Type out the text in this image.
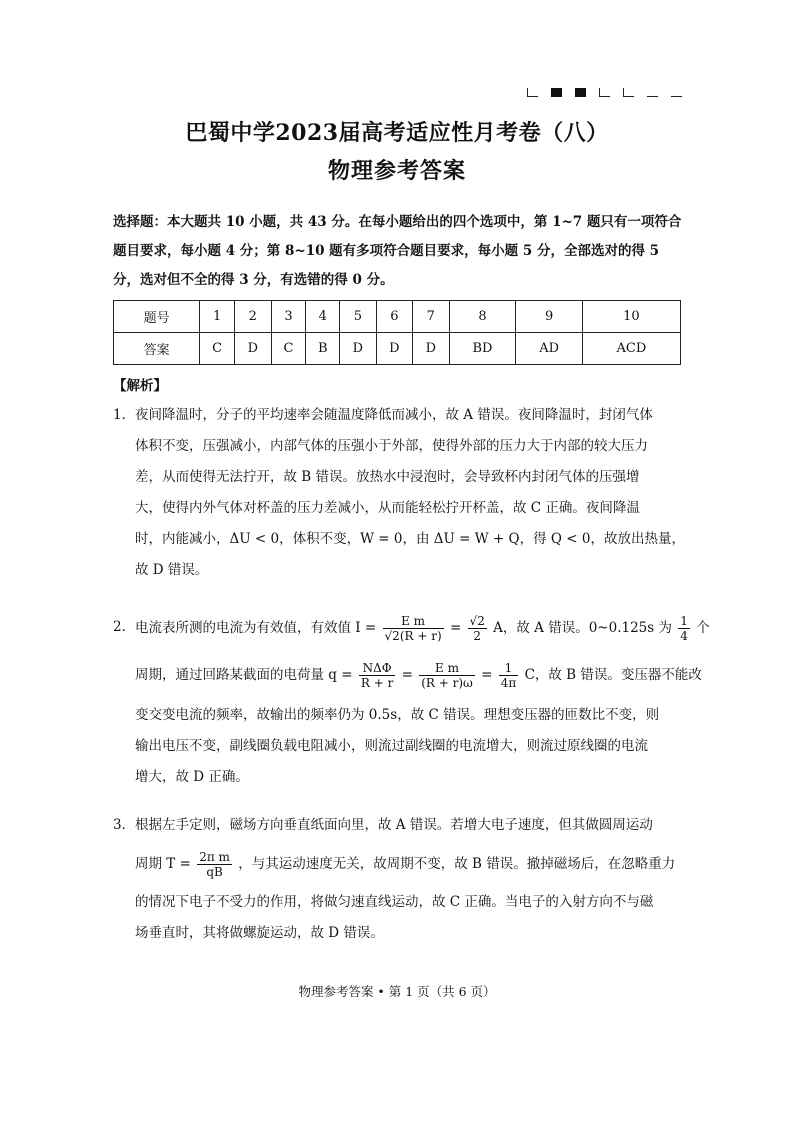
巴蜀中学2023届高考适应性月考卷（八）
物理参考答案
选择题：本大题共 10 小题，共 43 分。在每小题给出的四个选项中，第 1~7 题只有一项符合题目要求，每小题 4 分；第 8~10 题有多项符合题目要求，每小题 5 分，全部选对的得 5 分，选对但不全的得 3 分，有选错的得 0 分。
题号	1	2	3	4	5	6	7	8	9	10
答案	C	D	C	B	D	D	D	BD	AD	ACD
【解析】
1． 夜间降温时，分子的平均速率会随温度降低而减小，故 A 错误。夜间降温时，封闭气体
体积不变，压强减小，内部气体的压强小于外部，使得外部的压力大于内部的较大压力
差，从而使得无法拧开，故 B 错误。放热水中浸泡时，会导致杯内封闭气体的压强增
大，使得内外气体对杯盖的压力差减小，从而能轻松拧开杯盖，故 C 正确。夜间降温
时，内能减小，ΔU < 0，体积不变，W = 0，由 ΔU = W + Q，得 Q < 0，故放出热量，
故 D 错误。
2． 电流表所测的电流为有效值，有效值 $I = \frac{\text{E m}}{√2(R + r)} = \frac{√2}{2}$ A，故 A 错误。0~0.125s 为 $\frac{1}{4}$ 个
周期，通过回路某截面的电荷量 $q = \frac{\text{NΔΦ}}{R + r} = \frac{\text{E m}}{(R + r)\omega} = \frac{1}{4\pi}$ C，故 B 错误。变压器不能改
变交变电流的频率，故输出的频率仍为 0.5s，故 C 错误。理想变压器的匝数比不变，则
输出电压不变，副线圈负载电阻减小，则流过副线圈的电流增大，则流过原线圈的电流
增大，故 D 正确。
3． 根据左手定则，磁场方向垂直纸面向里，故 A 错误。若增大电子速度，但其做圆周运动
周期 $T = \frac{\text{2π m}}{qB}$ ，与其运动速度无关，故周期不变，故 B 错误。撤掉磁场后，在忽略重力
的情况下电子不受力的作用，将做匀速直线运动，故 C 正确。当电子的入射方向不与磁
场垂直时，其将做螺旋运动，故 D 错误。
物理参考答案 • 第 1 页（共 6 页）
